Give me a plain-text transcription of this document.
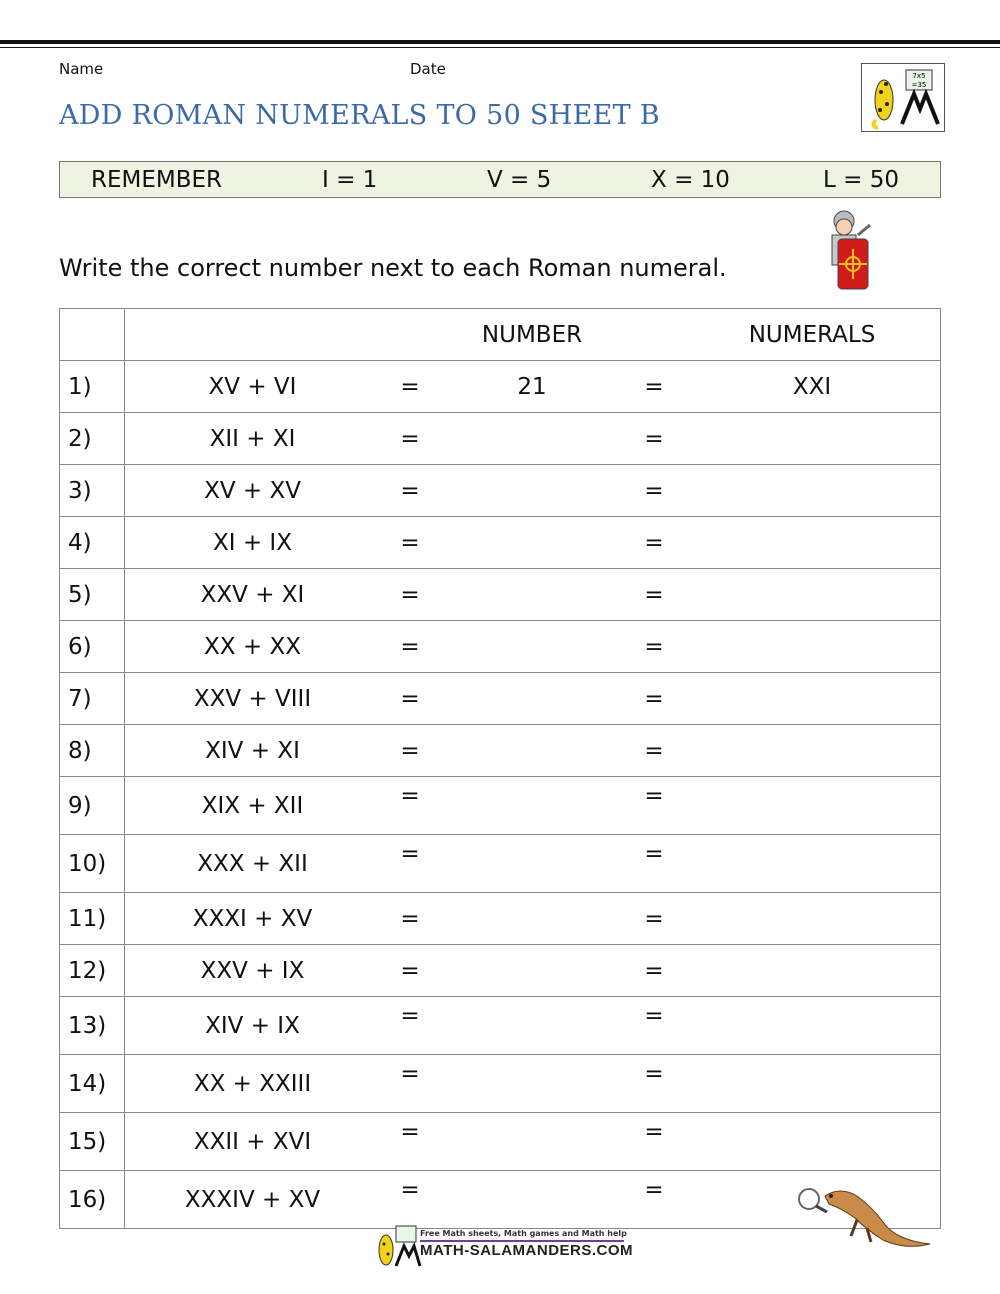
Name	Date
ADD ROMAN NUMERALS TO 50 SHEET B
7x5
=35
REMEMBER	I = 1	V = 5	X = 10	L = 50
Write the correct number next to each Roman numeral.
			NUMBER		NUMERALS
1)	XV + VI	=	21	=	XXI
2)	XII + XI	=		=	
3)	XV + XV	=		=	
4)	XI + IX	=		=	
5)	XXV + XI	=		=	
6)	XX + XX	=		=	
7)	XXV + VIII	=		=	
8)	XIV + XI	=		=	
9)	XIX + XII	=		=	
10)	XXX + XII	=		=	
11)	XXXI + XV	=		=	
12)	XXV + IX	=		=	
13)	XIV + IX	=		=	
14)	XX + XXIII	=		=	
15)	XXII + XVI	=		=	
16)	XXXIV + XV	=		=	
Free Math sheets, Math games and Math help
MATH-SALAMANDERS.COM
